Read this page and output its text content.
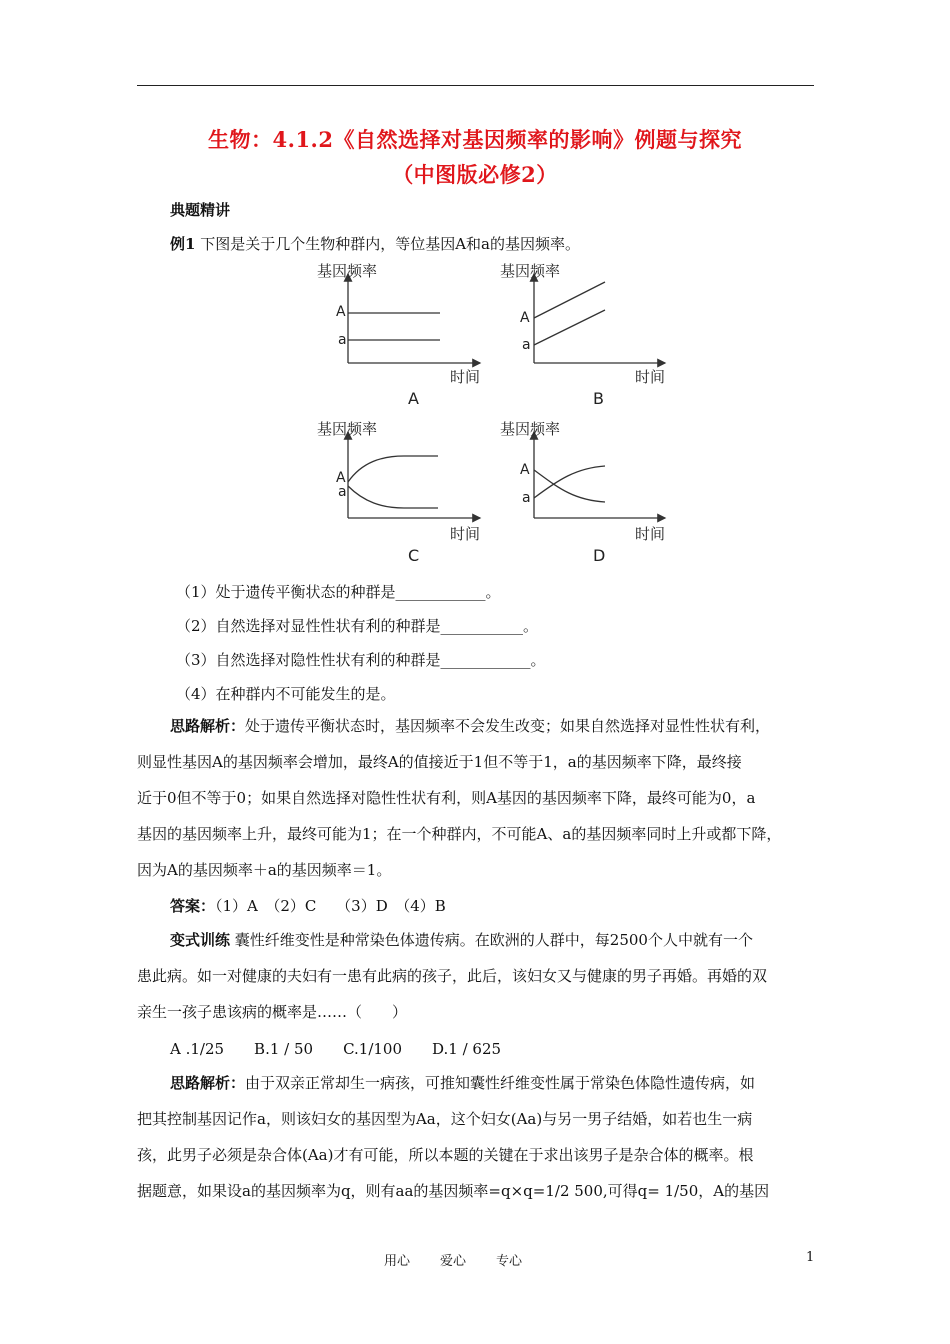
生物：4.1.2《自然选择对基因频率的影响》例题与探究
（中图版必修2）
典题精讲
例1 下图是关于几个生物种群内，等位基因A和a的基因频率。
基因频率
A
a
时间
A
基因频率
A
a
时间
B
基因频率
A
a
时间
C
基因频率
A
a
时间
D
（1）处于遗传平衡状态的种群是____________。
（2）自然选择对显性性状有利的种群是___________。
（3）自然选择对隐性性状有利的种群是____________。
（4）在种群内不可能发生的是。
思路解析：处于遗传平衡状态时，基因频率不会发生改变；如果自然选择对显性性状有利，
则显性基因A的基因频率会增加，最终A的值接近于1但不等于1，a的基因频率下降，最终接
近于0但不等于0；如果自然选择对隐性性状有利，则A基因的基因频率下降，最终可能为0，a
基因的基因频率上升，最终可能为1；在一个种群内，不可能A、a的基因频率同时上升或都下降，
因为A的基因频率＋a的基因频率＝1。
答案：（1）A　（2）C　 （3）D　（4）B
变式训练 囊性纤维变性是种常染色体遗传病。在欧洲的人群中，每2500个人中就有一个
患此病。如一对健康的夫妇有一患有此病的孩子，此后，该妇女又与健康的男子再婚。再婚的双
亲生一孩子患该病的概率是……（　　）
A .1/25　　B.1 / 50　　C.1/100　　D.1 / 625
思路解析：由于双亲正常却生一病孩，可推知囊性纤维变性属于常染色体隐性遗传病，如
把其控制基因记作a，则该妇女的基因型为Aa，这个妇女(Aa)与另一男子结婚，如若也生一病
孩，此男子必须是杂合体(Aa)才有可能，所以本题的关键在于求出该男子是杂合体的概率。根
据题意，如果设a的基因频率为q，则有aa的基因频率=q×q=1/2 500,可得q= 1/50，A的基因
用心 爱心 专心	1
